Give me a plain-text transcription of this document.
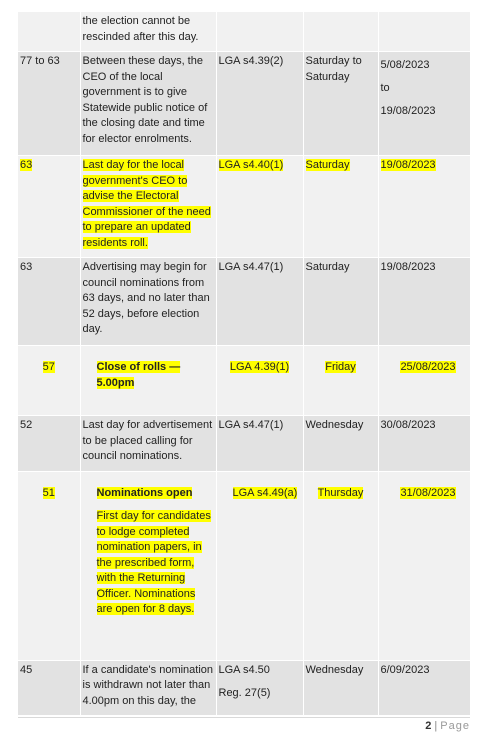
	the election cannot be
rescinded after this day.			
77 to 63	Between these days, the CEO of the local government is to give Statewide public notice of the closing date and time for elector enrolments.	LGA s4.39(2)	Saturday to Saturday	5/08/2023
to
19/08/2023
63	Last day for the local government's CEO to advise the Electoral Commissioner of the need to prepare an updated residents roll.	LGA s4.40(1)	Saturday	19/08/2023
63	Advertising may begin for council nominations from 63 days, and no later than 52 days, before election day.	LGA s4.47(1)	Saturday	19/08/2023
57	Close of rolls — 5.00pm	LGA 4.39(1)	Friday	25/08/2023
52	Last day for advertisement to be placed calling for council nominations.	LGA s4.47(1)	Wednesday	30/08/2023
51	Nominations open
First day for candidates to lodge completed nomination papers, in the prescribed form, with the Returning Officer. Nominations are open for 8 days.	LGA s4.49(a)	Thursday	31/08/2023
45	If a candidate's nomination is withdrawn not later than 4.00pm on this day, the	LGA s4.50
Reg. 27(5)	Wednesday	6/09/2023
2 | Page
